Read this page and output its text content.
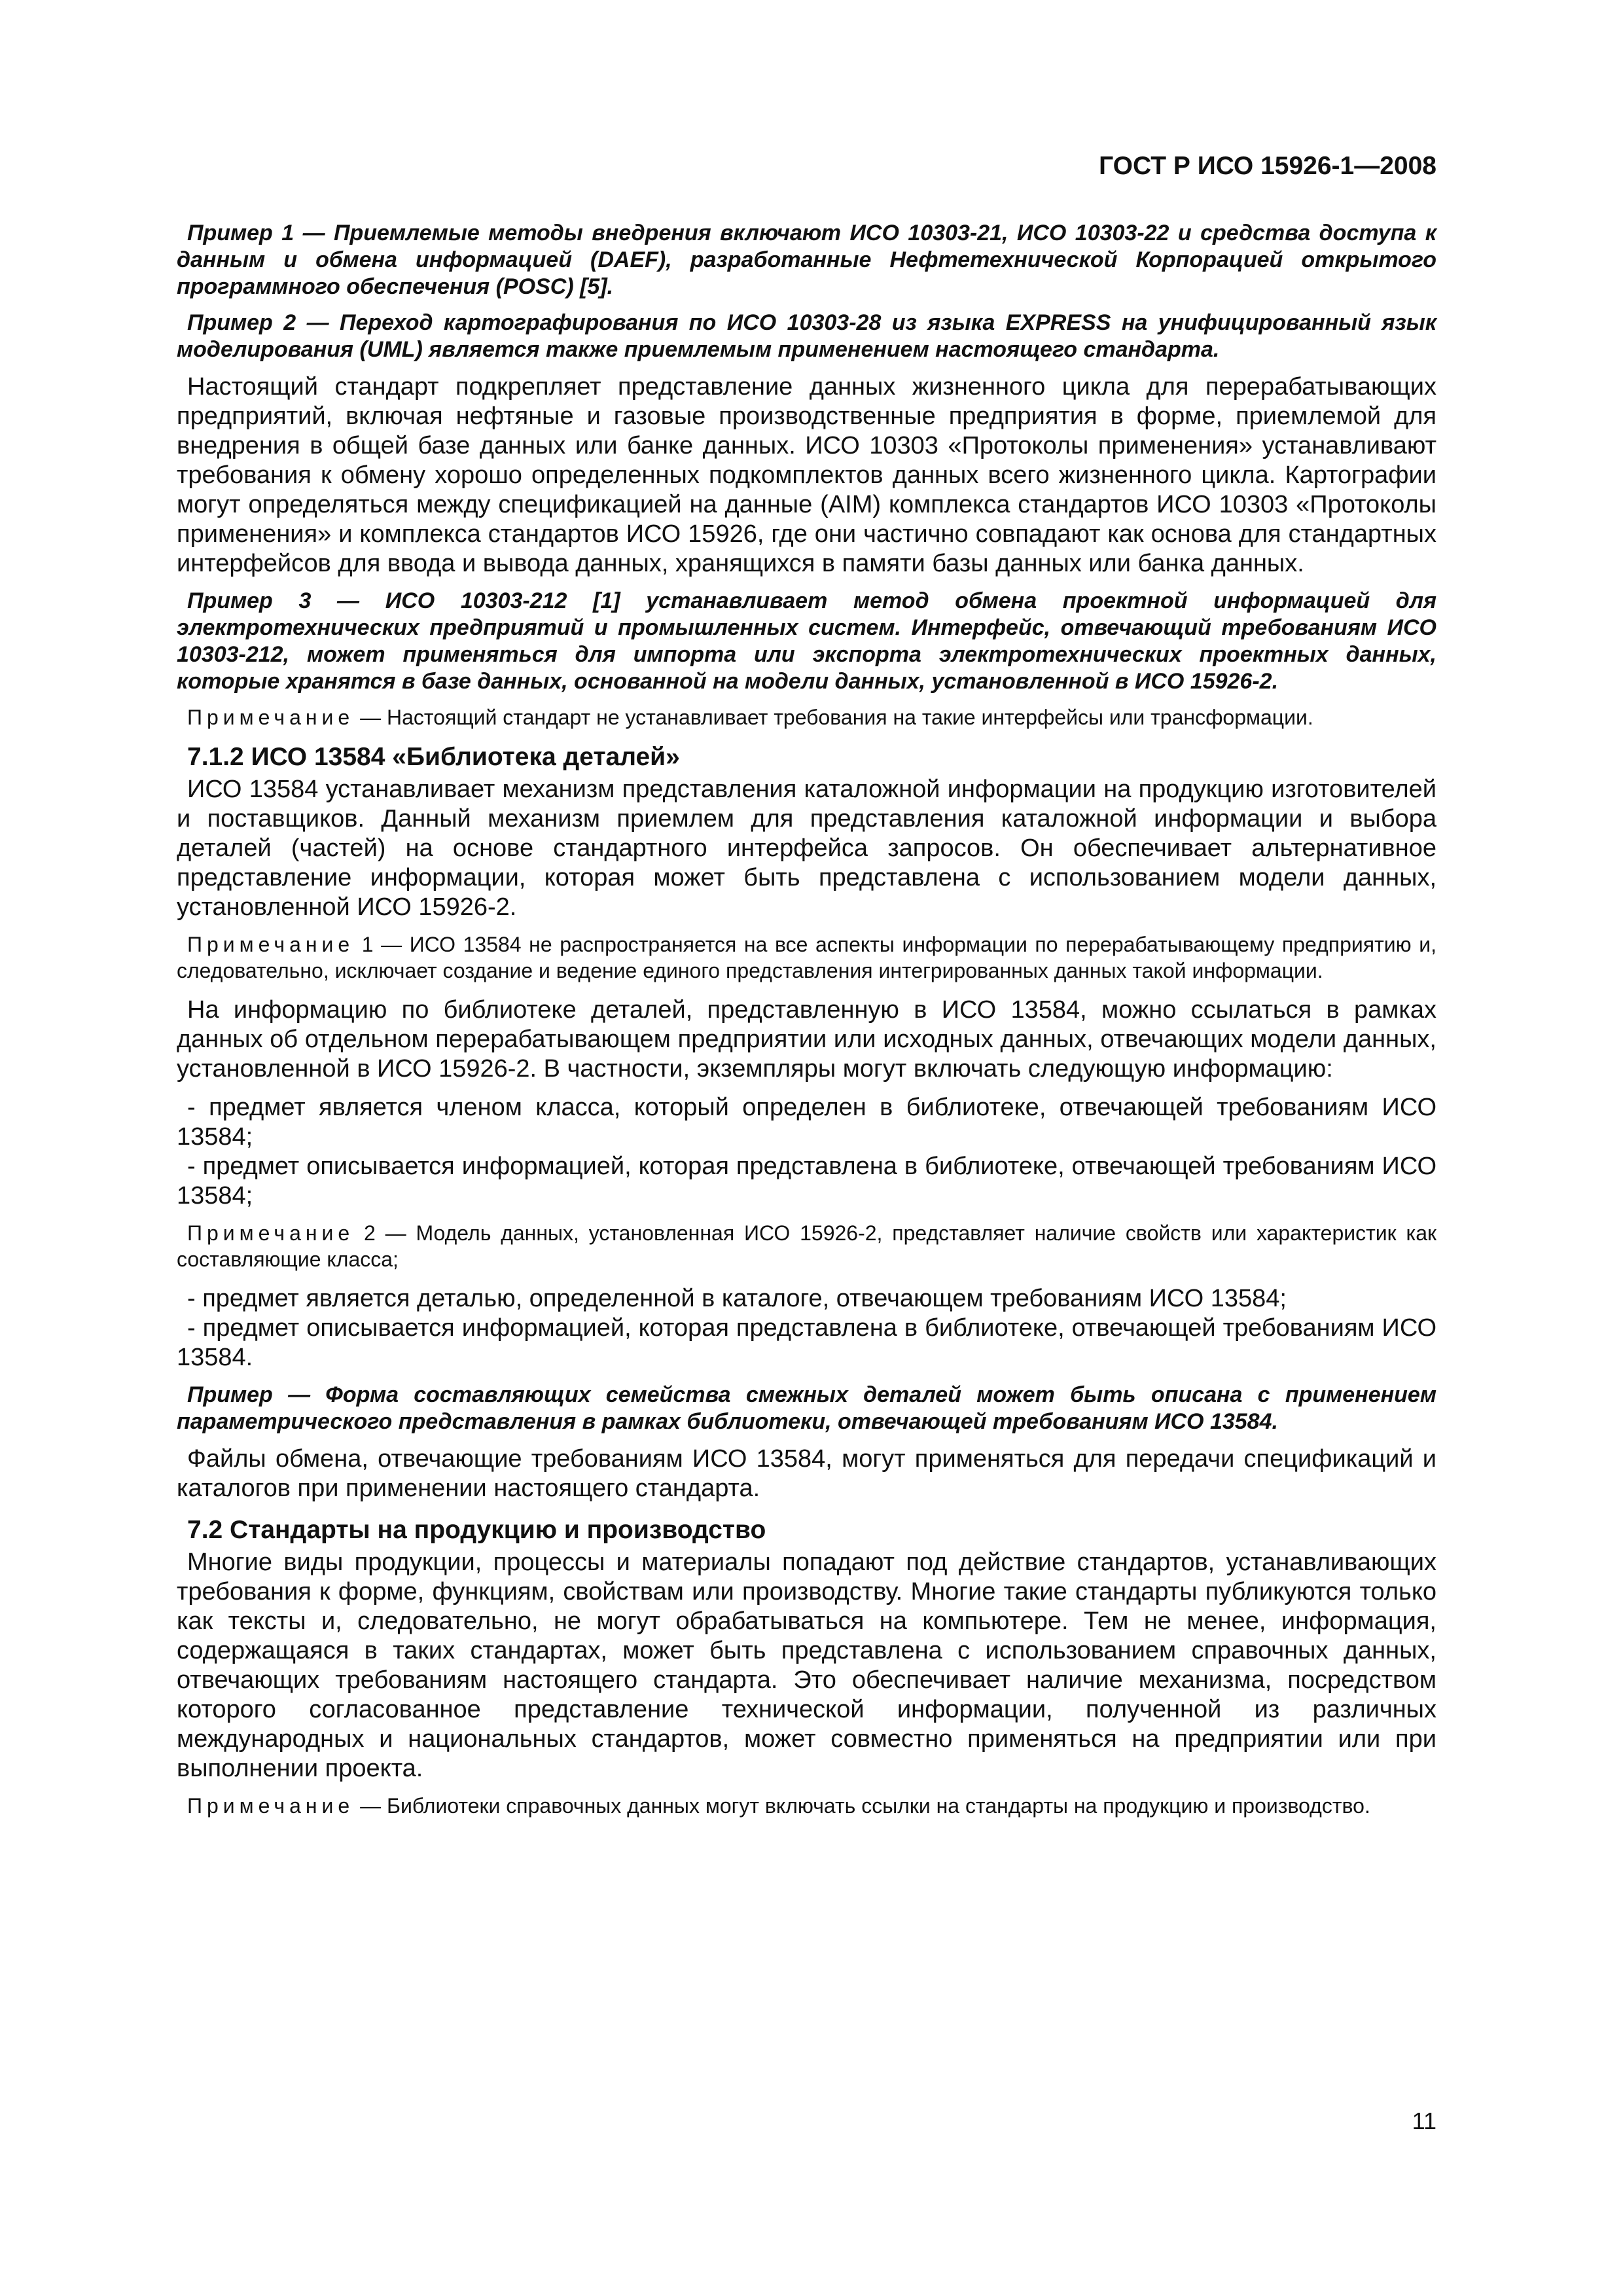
ГОСТ Р ИСО 15926-1—2008

Пример 1 — Приемлемые методы внедрения включают ИСО 10303-21, ИСО 10303-22 и средства доступа к данным и обмена информацией (DAEF), разработанные Нефтетехнической Корпорацией открытого программного обеспечения (POSC) [5].

Пример 2 — Переход картографирования по ИСО 10303-28 из языка EXPRESS на унифицированный язык моделирования (UML) является также приемлемым применением настоящего стандарта.

Настоящий стандарт подкрепляет представление данных жизненного цикла для перерабатывающих предприятий, включая нефтяные и газовые производственные предприятия в форме, приемлемой для внедрения в общей базе данных или банке данных. ИСО 10303 «Протоколы применения» устанавливают требования к обмену хорошо определенных подкомплектов данных всего жизненного цикла. Картографии могут определяться между спецификацией на данные (AIM) комплекса стандартов ИСО 10303 «Протоколы применения» и комплекса стандартов ИСО 15926, где они частично совпадают как основа для стандартных интерфейсов для ввода и вывода данных, хранящихся в памяти базы данных или банка данных.

Пример 3 — ИСО 10303-212 [1] устанавливает метод обмена проектной информацией для электротехнических предприятий и промышленных систем. Интерфейс, отвечающий требованиям ИСО 10303-212, может применяться для импорта или экспорта электротехнических проектных данных, которые хранятся в базе данных, основанной на модели данных, установленной в ИСО 15926-2.

Примечание — Настоящий стандарт не устанавливает требования на такие интерфейсы или трансформации.

7.1.2 ИСО 13584 «Библиотека деталей»

ИСО 13584 устанавливает механизм представления каталожной информации на продукцию изготовителей и поставщиков. Данный механизм приемлем для представления каталожной информации и выбора деталей (частей) на основе стандартного интерфейса запросов. Он обеспечивает альтернативное представление информации, которая может быть представлена с использованием модели данных, установленной ИСО 15926-2.

Примечание 1 — ИСО 13584 не распространяется на все аспекты информации по перерабатывающему предприятию и, следовательно, исключает создание и ведение единого представления интегрированных данных такой информации.

На информацию по библиотеке деталей, представленную в ИСО 13584, можно ссылаться в рамках данных об отдельном перерабатывающем предприятии или исходных данных, отвечающих модели данных, установленной в ИСО 15926-2. В частности, экземпляры могут включать следующую информацию:

- предмет является членом класса, который определен в библиотеке, отвечающей требованиям ИСО 13584;

- предмет описывается информацией, которая представлена в библиотеке, отвечающей требованиям ИСО 13584;

Примечание 2 — Модель данных, установленная ИСО 15926-2, представляет наличие свойств или характеристик как составляющие класса;

- предмет является деталью, определенной в каталоге, отвечающем требованиям ИСО 13584;

- предмет описывается информацией, которая представлена в библиотеке, отвечающей требованиям ИСО 13584.

Пример — Форма составляющих семейства смежных деталей может быть описана с применением параметрического представления в рамках библиотеки, отвечающей требованиям ИСО 13584.

Файлы обмена, отвечающие требованиям ИСО 13584, могут применяться для передачи спецификаций и каталогов при применении настоящего стандарта.

7.2 Стандарты на продукцию и производство

Многие виды продукции, процессы и материалы попадают под действие стандартов, устанавливающих требования к форме, функциям, свойствам или производству. Многие такие стандарты публикуются только как тексты и, следовательно, не могут обрабатываться на компьютере. Тем не менее, информация, содержащаяся в таких стандартах, может быть представлена с использованием справочных данных, отвечающих требованиям настоящего стандарта. Это обеспечивает наличие механизма, посредством которого согласованное представление технической информации, полученной из различных международных и национальных стандартов, может совместно применяться на предприятии или при выполнении проекта.

Примечание — Библиотеки справочных данных могут включать ссылки на стандарты на продукцию и производство.

11
